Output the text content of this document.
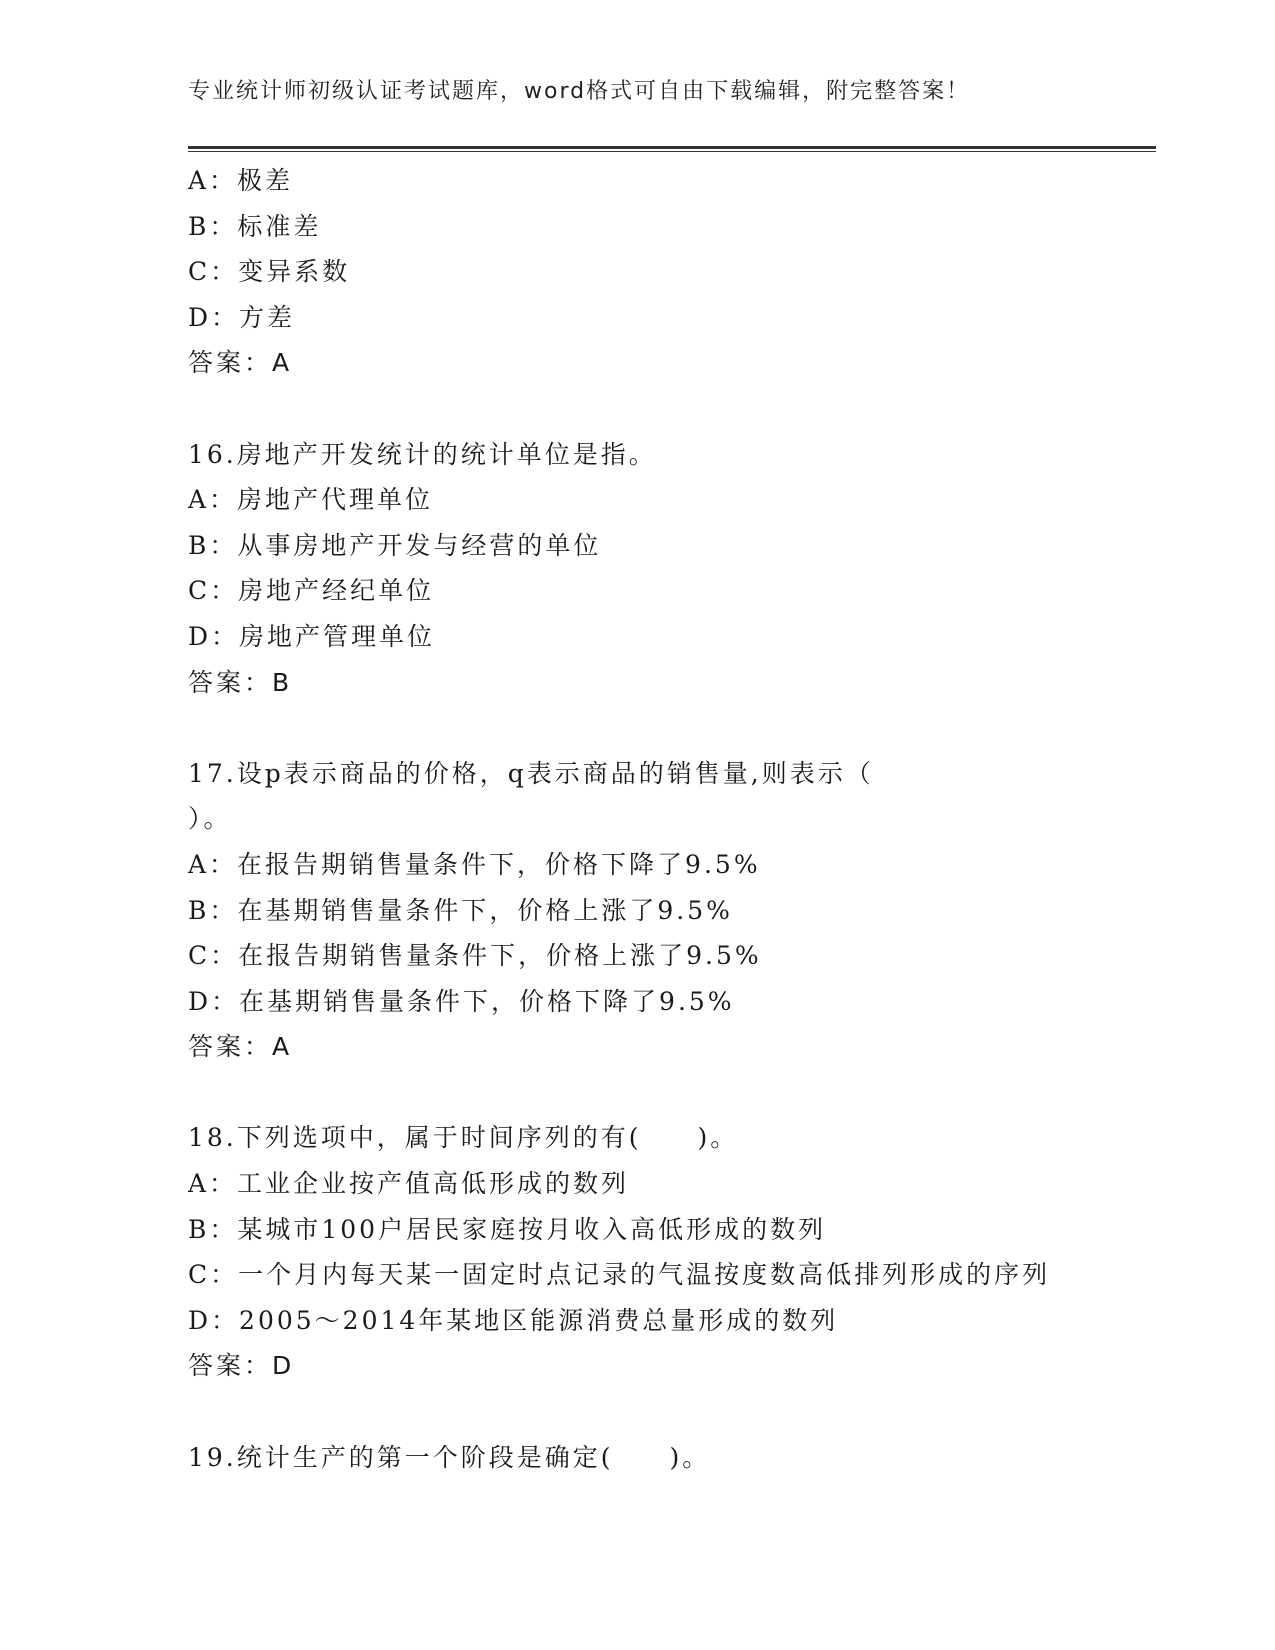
专业统计师初级认证考试题库，word格式可自由下载编辑，附完整答案！
A：极差
B：标准差
C：变异系数
D：方差
答案：A
16.房地产开发统计的统计单位是指。
A：房地产代理单位
B：从事房地产开发与经营的单位
C：房地产经纪单位
D：房地产管理单位
答案：B
17.设p表示商品的价格，q表示商品的销售量,则表示（
）。
A：在报告期销售量条件下，价格下降了9.5%
B：在基期销售量条件下，价格上涨了9.5%
C：在报告期销售量条件下，价格上涨了9.5%
D：在基期销售量条件下，价格下降了9.5%
答案：A
18.下列选项中，属于时间序列的有(　　)。
A：工业企业按产值高低形成的数列
B：某城市100户居民家庭按月收入高低形成的数列
C：一个月内每天某一固定时点记录的气温按度数高低排列形成的序列
D：2005～2014年某地区能源消费总量形成的数列
答案：D
19.统计生产的第一个阶段是确定(　　)。
